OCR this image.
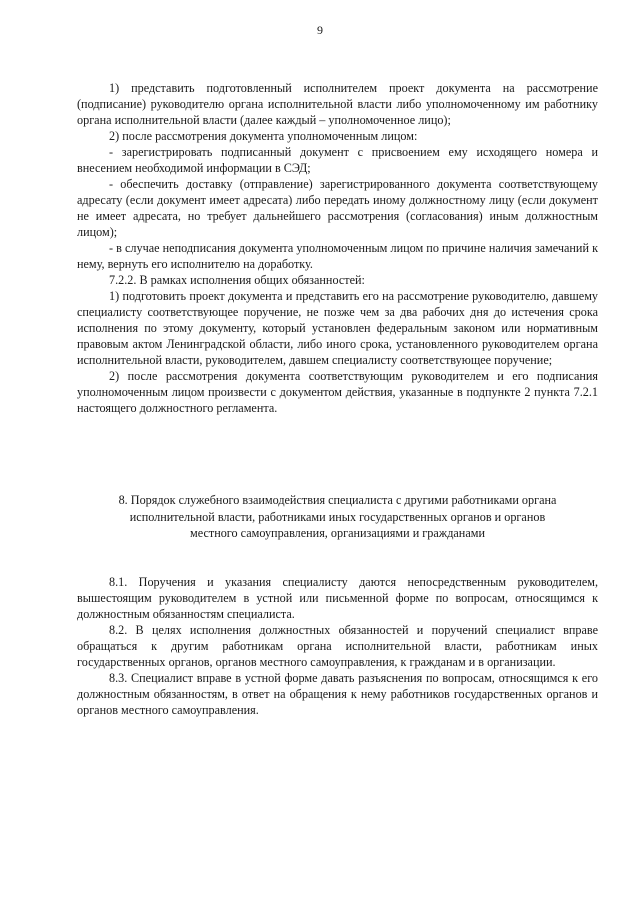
9

1) представить подготовленный исполнителем проект документа на рассмотрение (подписание) руководителю органа исполнительной власти либо уполномоченному им работнику органа исполнительной власти (далее каждый – уполномоченное лицо);

2) после рассмотрения документа уполномоченным лицом:

- зарегистрировать подписанный документ с присвоением ему исходящего номера и внесением необходимой информации в СЭД;

- обеспечить доставку (отправление) зарегистрированного документа соответствующему адресату (если документ имеет адресата) либо передать иному должностному лицу (если документ не имеет адресата, но требует дальнейшего рассмотрения (согласования) иным должностным лицом);

- в случае неподписания документа уполномоченным лицом по причине наличия замечаний к нему, вернуть его исполнителю на доработку.

7.2.2. В рамках исполнения общих обязанностей:

1) подготовить проект документа и представить его на рассмотрение руководителю, давшему специалисту соответствующее поручение, не позже чем за два рабочих дня до истечения срока исполнения по этому документу, который установлен федеральным законом или нормативным правовым актом Ленинградской области, либо иного срока, установленного руководителем органа исполнительной власти, руководителем, давшем специалисту соответствующее поручение;

2) после рассмотрения документа соответствующим руководителем и его подписания уполномоченным лицом произвести с документом действия, указанные в подпункте 2 пункта 7.2.1 настоящего должностного регламента.

8. Порядок служебного взаимодействия специалиста с другими работниками органа исполнительной власти, работниками иных государственных органов и органов местного самоуправления, организациями и гражданами

8.1. Поручения и указания специалисту даются непосредственным руководителем, вышестоящим руководителем в устной или письменной форме по вопросам, относящимся к должностным обязанностям специалиста.

8.2. В целях исполнения должностных обязанностей и поручений специалист вправе обращаться к другим работникам органа исполнительной власти, работникам иных государственных органов, органов местного самоуправления, к гражданам и в организации.

8.3. Специалист вправе в устной форме давать разъяснения по вопросам, относящимся к его должностным обязанностям, в ответ на обращения к нему работников государственных органов и органов местного самоуправления.
